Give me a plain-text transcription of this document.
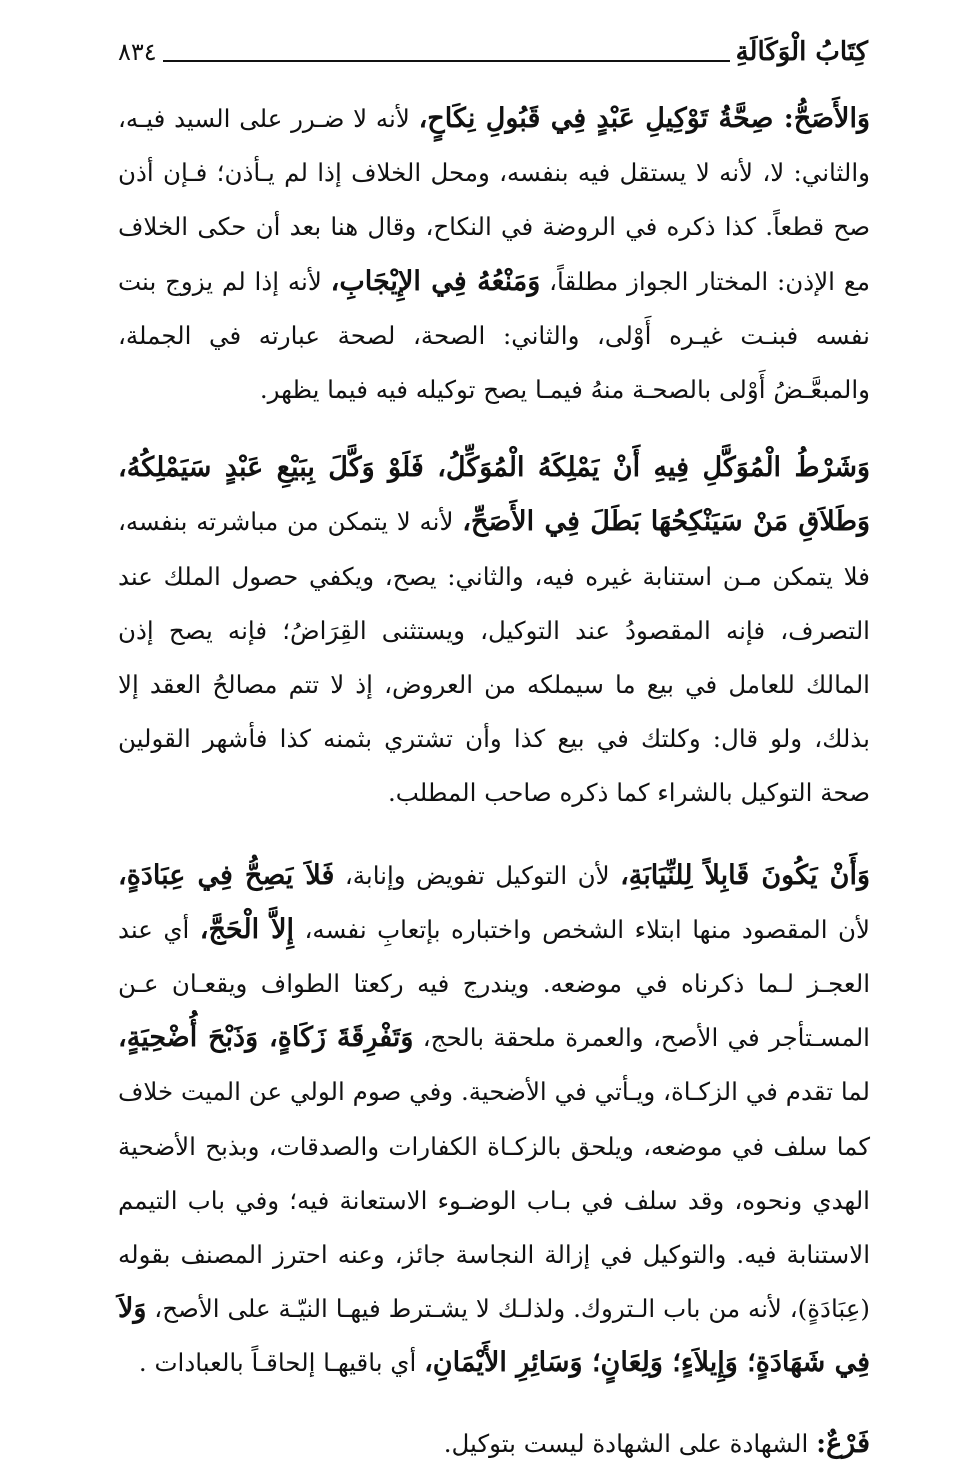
كِتَابُ الْوَكَالَةِ
٨٣٤

وَالأَصَحُّ: صِحَّةُ تَوْكِيلِ عَبْدٍ فِي قَبُولِ نِكَاحٍ، لأنه لا ضـرر على السيد فيـه، والثاني: لا، لأنه لا يستقل فيه بنفسه، ومحل الخلاف إذا لم يـأذن؛ فـإن أذن صح قطعاً. كذا ذكره في الروضة في النكاح، وقال هنا بعد أن حكى الخلاف مع الإذن: المختار الجواز مطلقاً، وَمَنْعُهُ فِي الإِيْجَابِ، لأنه إذا لم يزوج بنت نفسه فبنـت غيـره أَوْلى، والثاني: الصحة، لصحة عبارته في الجملة، والمبعَّـضُ أَوْلى بالصحـة منهُ فيمـا يصح توكيله فيه فيما يظهر.

وَشَرْطُ الْمُوَكَّلِ فِيهِ أَنْ يَمْلِكَهُ الْمُوَكِّلُ، فَلَوْ وَكَّلَ بِبَيْعِ عَبْدٍ سَيَمْلِكُهُ، وَطَلاَقِ مَنْ سَيَنْكِحُهَا بَطَلَ فِي الأَصَحِّ، لأنه لا يتمكن من مباشرته بنفسه، فلا يتمكن مـن استنابة غيره فيه، والثاني: يصح، ويكفي حصول الملك عند التصرف، فإنه المقصودُ عند التوكيل، ويستثنى القِرَاضُ؛ فإنه يصح إذن المالك للعامل في بيع ما سيملكه من العروض، إذ لا تتم مصالحُ العقد إلا بذلك، ولو قال: وكلتك في بيع كذا وأن تشتري بثمنه كذا فأشهر القولين صحة التوكيل بالشراء كما ذكره صاحب المطلب.

وَأَنْ يَكُونَ قَابِلاً لِلنِّيَابَةِ، لأن التوكيل تفويض وإنابة، فَلاَ يَصِحُّ فِي عِبَادَةٍ، لأن المقصود منها ابتلاء الشخص واختباره بإتعابِ نفسه، إِلاَّ الْحَجَّ، أي عند العجـز لـما ذكرناه في موضعه. ويندرج فيه ركعتا الطواف ويقعـان عـن المسـتأجر في الأصح، والعمرة ملحقة بالحج، وَتَفْرِقَةَ زَكَاةٍ، وَذَبْحَ أُضْحِيَةٍ، لما تقدم في الزكـاة، ويـأتي في الأضحية. وفي صوم الولي عن الميت خلاف كما سلف في موضعه، ويلحق بالزكـاة الكفارات والصدقات، وبذبح الأضحية الهدي ونحوه، وقد سلف في بـاب الوضـوء الاستعانة فيه؛ وفي باب التيمم الاستنابة فيه. والتوكيل في إزالة النجاسة جائز، وعنه احترز المصنف بقوله (عِبَادَةٍ)، لأنه من باب الـتروك. ولذلـك لا يشـترط فيهـا النيّـة على الأصح، وَلاَ فِي شَهَادَةٍ؛ وَإِيلاَءٍ؛ وَلِعَانٍ؛ وَسَائِرِ الأَيْمَانِ، أي باقيهـا إلحاقـاً بالعبادات .

فَرْعٌ: الشهادة على الشهادة ليست بتوكيل.
